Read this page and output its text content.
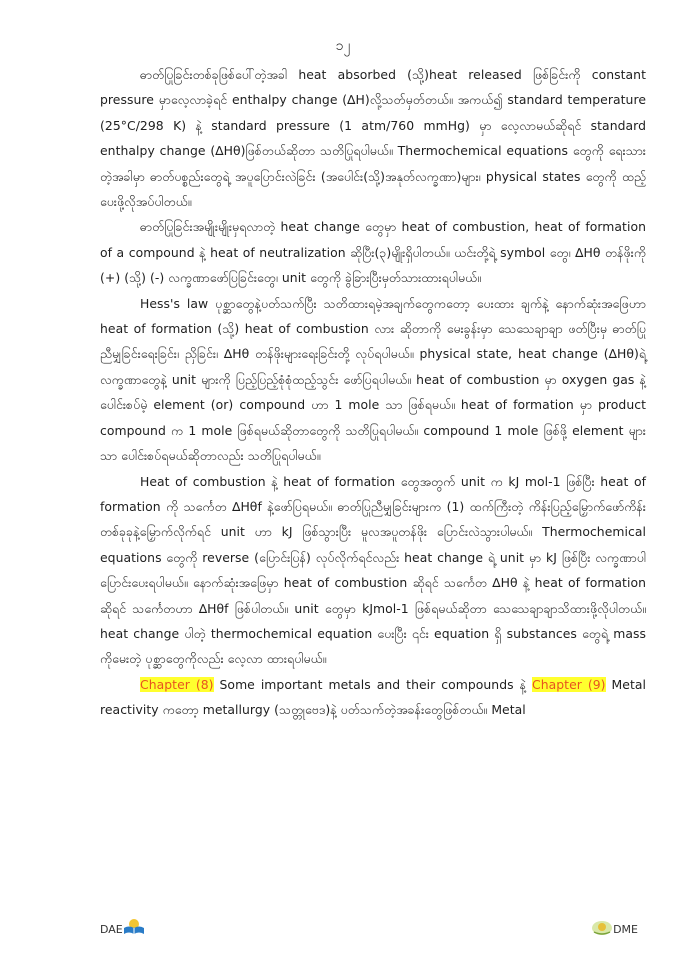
၁၂

ဓာတ်ပြုခြင်းတစ်ခုဖြစ်ပေါ်တဲ့အခါ heat absorbed (သို့)heat released ဖြစ်ခြင်းကို constant pressure မှာလေ့လာခဲ့ရင် enthalpy change (∆H)လို့သတ်မှတ်တယ်။ အကယ်၍ standard temperature (25°C/298 K) နဲ့ standard pressure (1 atm/760 mmHg) မှာ လေ့လာမယ်ဆိုရင် standard enthalpy change (∆Hθ)ဖြစ်တယ်ဆိုတာ သတိပြုရပါမယ်။ Thermochemical equations တွေကို ရေးသားတဲ့အခါမှာ ဓာတ်ပစ္စည်းတွေရဲ့ အပူပြောင်းလဲခြင်း (အပေါင်း(သို့)အနုတ်လက္ခဏာ)များ၊ physical states တွေကို ထည့်ပေးဖို့လိုအပ်ပါတယ်။

ဓာတ်ပြုခြင်းအမျိုးမျိုးမှရလာတဲ့ heat change တွေမှာ heat of combustion, heat of formation of a compound နဲ့ heat of neutralization ဆိုပြီး(၃)မျိုးရှိပါတယ်။ ယင်းတို့ရဲ့ symbol တွေ၊ ∆Hθ တန်ဖိုးကို (+) (သို့) (-) လက္ခဏာဖော်ပြခြင်းတွေ၊ unit တွေကို ခွဲခြားပြီးမှတ်သားထားရပါမယ်။

Hess's law ပုစ္ဆာတွေနဲ့ပတ်သက်ပြီး သတိထားရမဲ့အချက်တွေကတော့ ပေးထား ချက်နဲ့ နောက်ဆုံးအဖြေဟာ heat of formation (သို့) heat of combustion လား ဆိုတာကို မေးခွန်းမှာ သေသေချာချာ ဖတ်ပြီးမှ ဓာတ်ပြုညီမျှခြင်းရေးခြင်း၊ ညှိခြင်း၊ ∆Hθ တန်ဖိုးများရေးခြင်းတို့ လုပ်ရပါမယ်။ physical state, heat change (∆Hθ)ရဲ့ လက္ခဏာတွေနဲ့ unit များကို ပြည့်ပြည့်စုံစုံထည့်သွင်း ဖော်ပြရပါမယ်။ heat of combustion မှာ oxygen gas နဲ့ပေါင်းစပ်မဲ့ element (or) compound ဟာ 1 mole သာ ဖြစ်ရမယ်။ heat of formation မှာ product compound က 1 mole ဖြစ်ရမယ်ဆိုတာတွေကို သတိပြုရပါမယ်။ compound 1 mole ဖြစ်ဖို့ element များသာ ပေါင်းစပ်ရမယ်ဆိုတာလည်း သတိပြုရပါမယ်။

Heat of combustion နဲ့ heat of formation တွေအတွက် unit က kJ mol-1 ဖြစ်ပြီး heat of formation ကို သင်္ကေတ ∆Hθf နဲ့ဖော်ပြရမယ်။ ဓာတ်ပြုညီမျှခြင်းများက (1) ထက်ကြီးတဲ့ ကိန်းပြည့်မြှောက်ဖော်ကိန်းတစ်ခုခုနဲ့မြှောက်လိုက်ရင် unit ဟာ kJ ဖြစ်သွားပြီး မူလအပူတန်ဖိုး ပြောင်းလဲသွားပါမယ်။ Thermochemical equations တွေကို reverse (ပြောင်းပြန်) လုပ်လိုက်ရင်လည်း heat change ရဲ့ unit မှာ kJ ဖြစ်ပြီး လက္ခဏာပါ ပြောင်းပေးရပါမယ်။ နောက်ဆုံးအဖြေမှာ heat of combustion ဆိုရင် သင်္ကေတ ∆Hθ နဲ့ heat of formation ဆိုရင် သင်္ကေတဟာ ∆Hθf ဖြစ်ပါတယ်။ unit တွေမှာ kJmol-1 ဖြစ်ရမယ်ဆိုတာ သေသေချာချာသိထားဖို့လိုပါတယ်။ heat change ပါတဲ့ thermochemical equation ပေးပြီး ၎င်း equation ရှိ substances တွေရဲ့ mass ကိုမေးတဲ့ ပုစ္ဆာတွေကိုလည်း လေ့လာ ထားရပါမယ်။

Chapter (8) Some important metals and their compounds နဲ့ Chapter (9) Metal reactivity ကတော့ metallurgy (သတ္တုဗေဒ)နဲ့ ပတ်သက်တဲ့အခန်းတွေဖြစ်တယ်။ Metal

DAE	DME
